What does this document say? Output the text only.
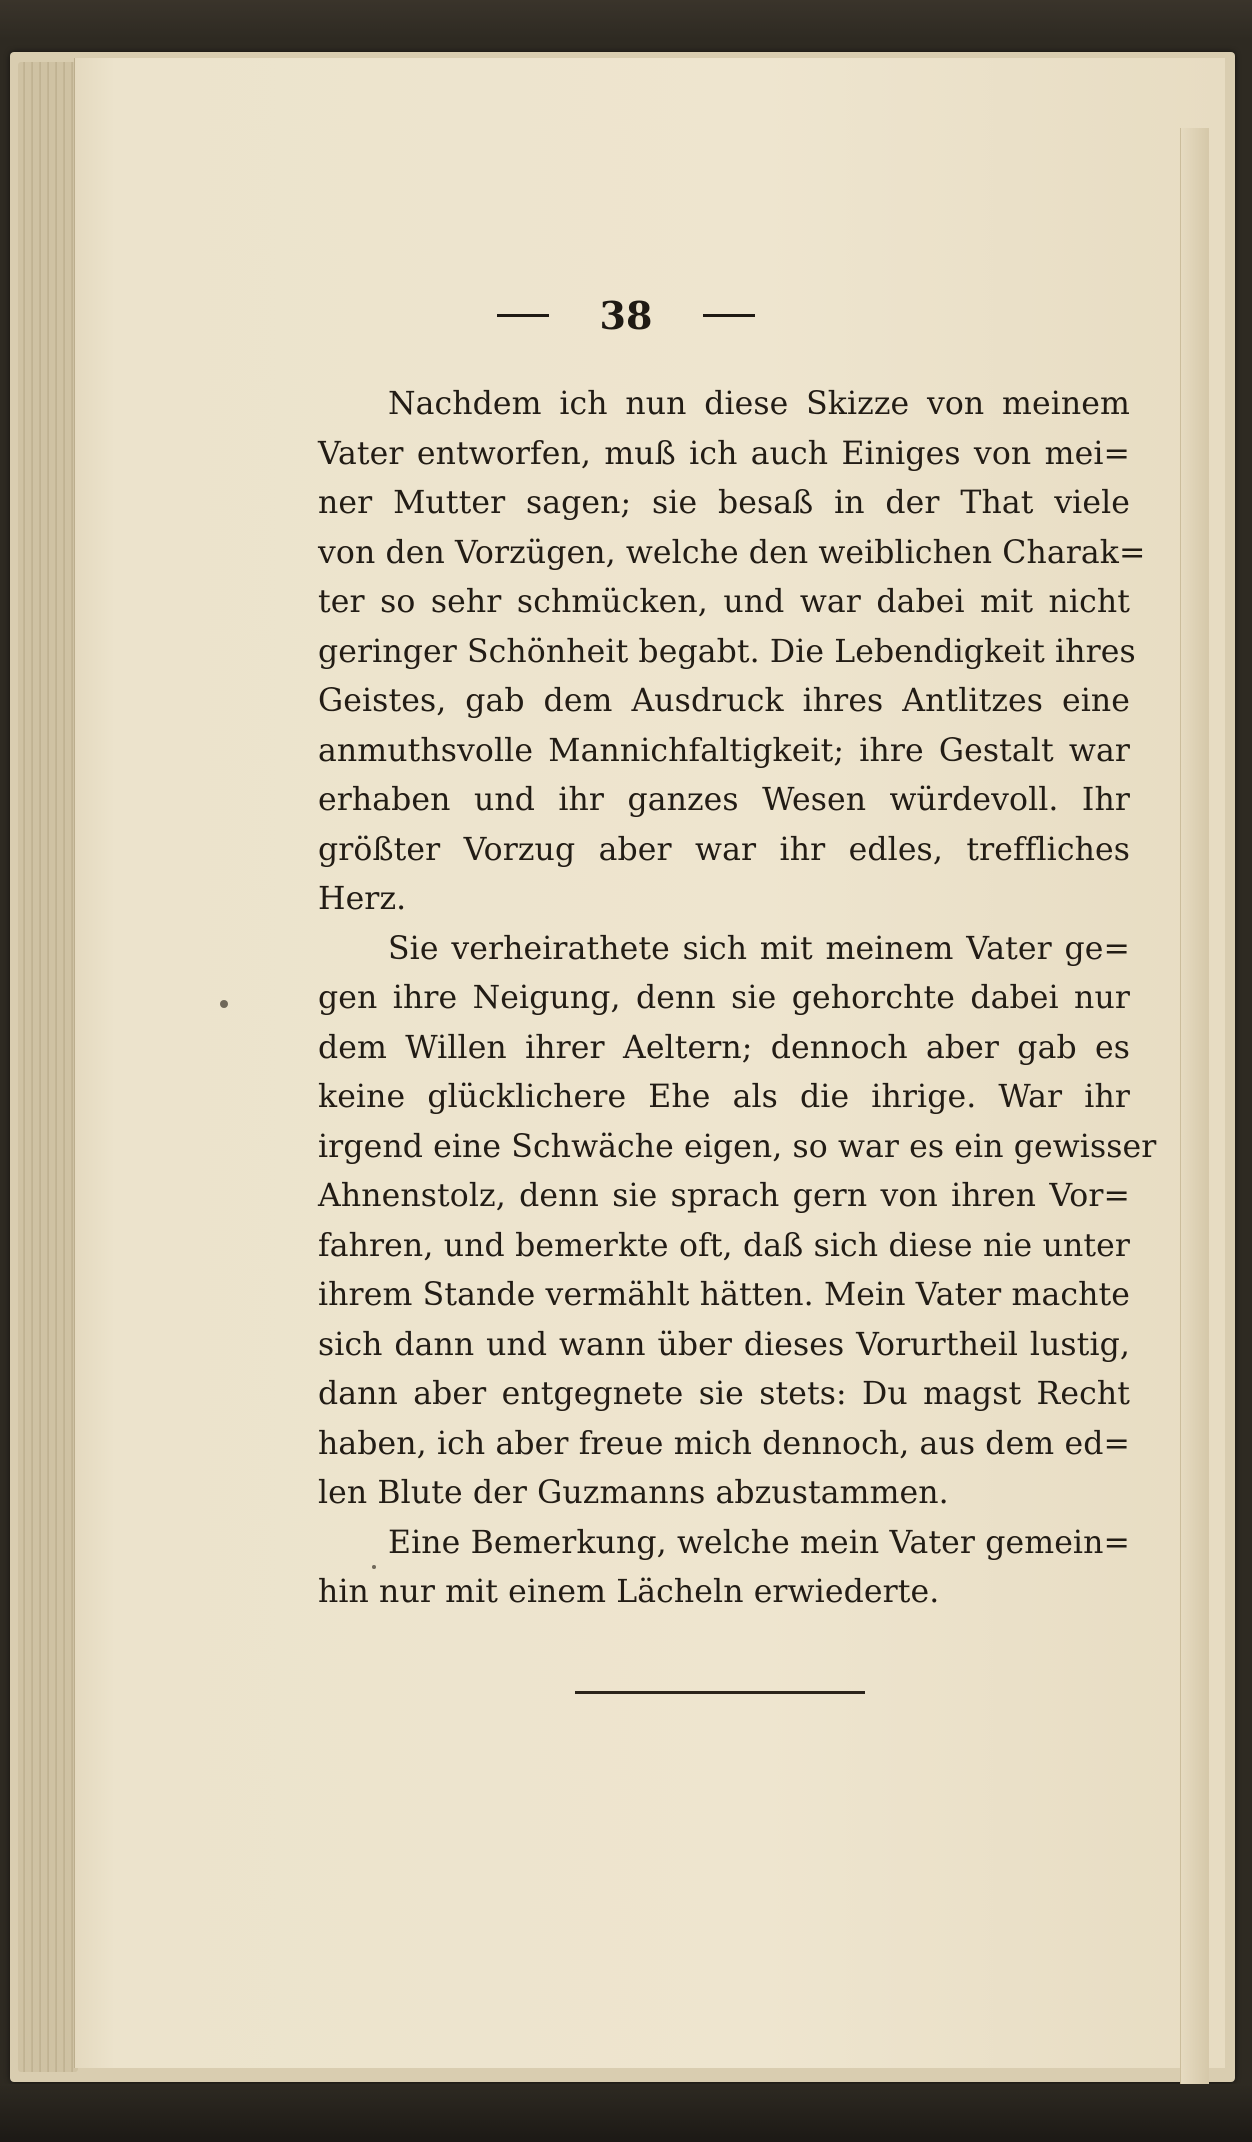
38
Nachdem ich nun diese Skizze von meinem
Vater entworfen, muß ich auch Einiges von mei=
ner Mutter sagen; sie besaß in der That viele
von den Vorzügen, welche den weiblichen Charak=
ter so sehr schmücken, und war dabei mit nicht
geringer Schönheit begabt. Die Lebendigkeit ihres
Geistes, gab dem Ausdruck ihres Antlitzes eine
anmuthsvolle Mannichfaltigkeit; ihre Gestalt war
erhaben und ihr ganzes Wesen würdevoll. Ihr
größter Vorzug aber war ihr edles, treffliches
Herz.
Sie verheirathete sich mit meinem Vater ge=
gen ihre Neigung, denn sie gehorchte dabei nur
dem Willen ihrer Aeltern; dennoch aber gab es
keine glücklichere Ehe als die ihrige. War ihr
irgend eine Schwäche eigen, so war es ein gewisser
Ahnenstolz, denn sie sprach gern von ihren Vor=
fahren, und bemerkte oft, daß sich diese nie unter
ihrem Stande vermählt hätten. Mein Vater machte
sich dann und wann über dieses Vorurtheil lustig,
dann aber entgegnete sie stets: Du magst Recht
haben, ich aber freue mich dennoch, aus dem ed=
len Blute der Guzmanns abzustammen.
Eine Bemerkung, welche mein Vater gemein=
hin nur mit einem Lächeln erwiederte.
